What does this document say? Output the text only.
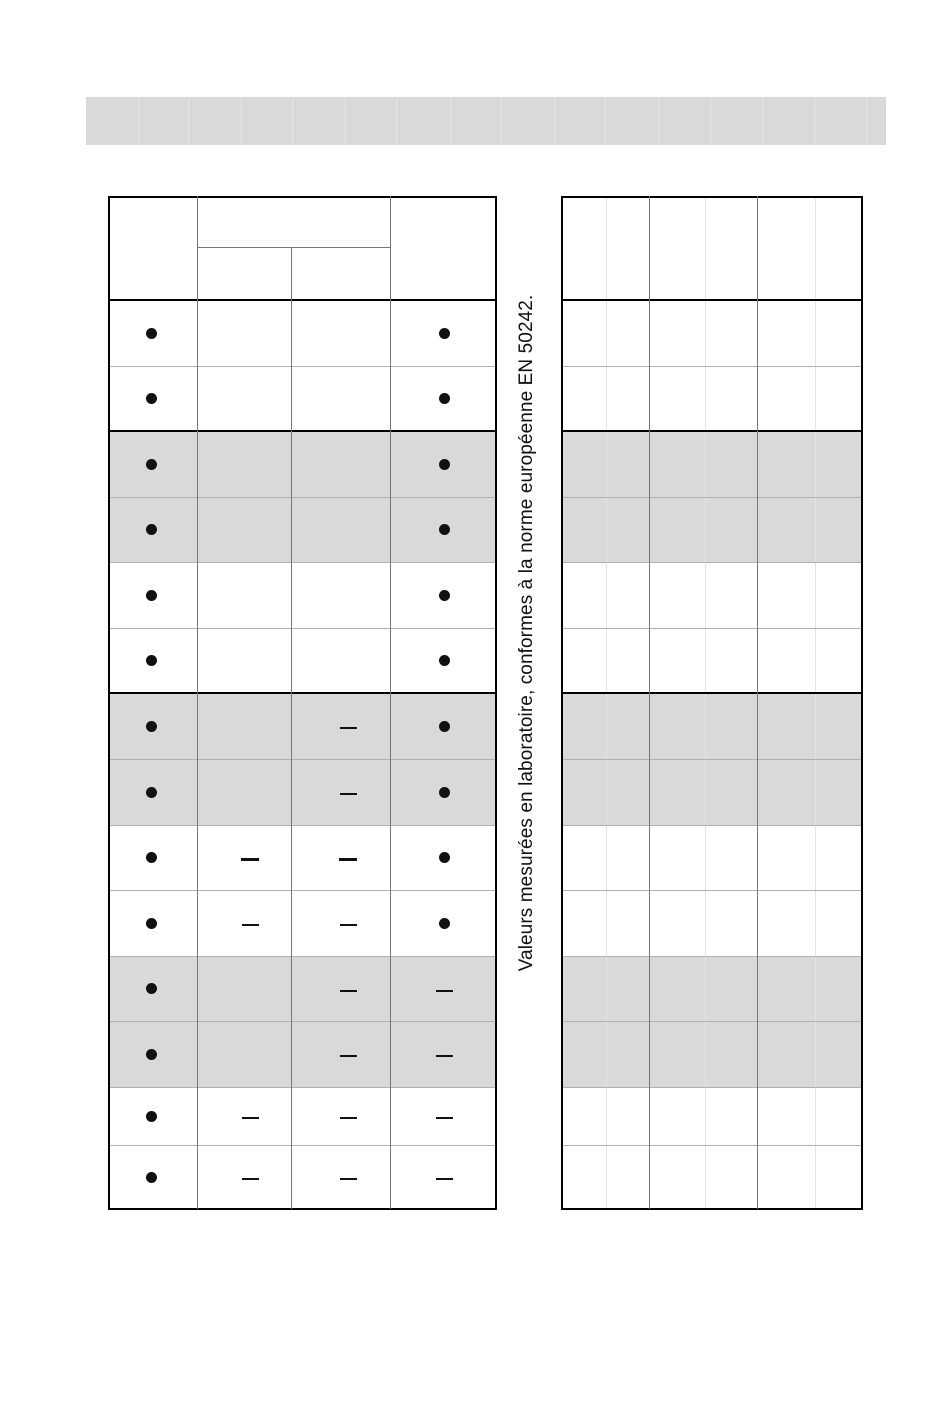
Valeurs mesurées en laboratoire, conformes à la norme européenne EN 50242.
